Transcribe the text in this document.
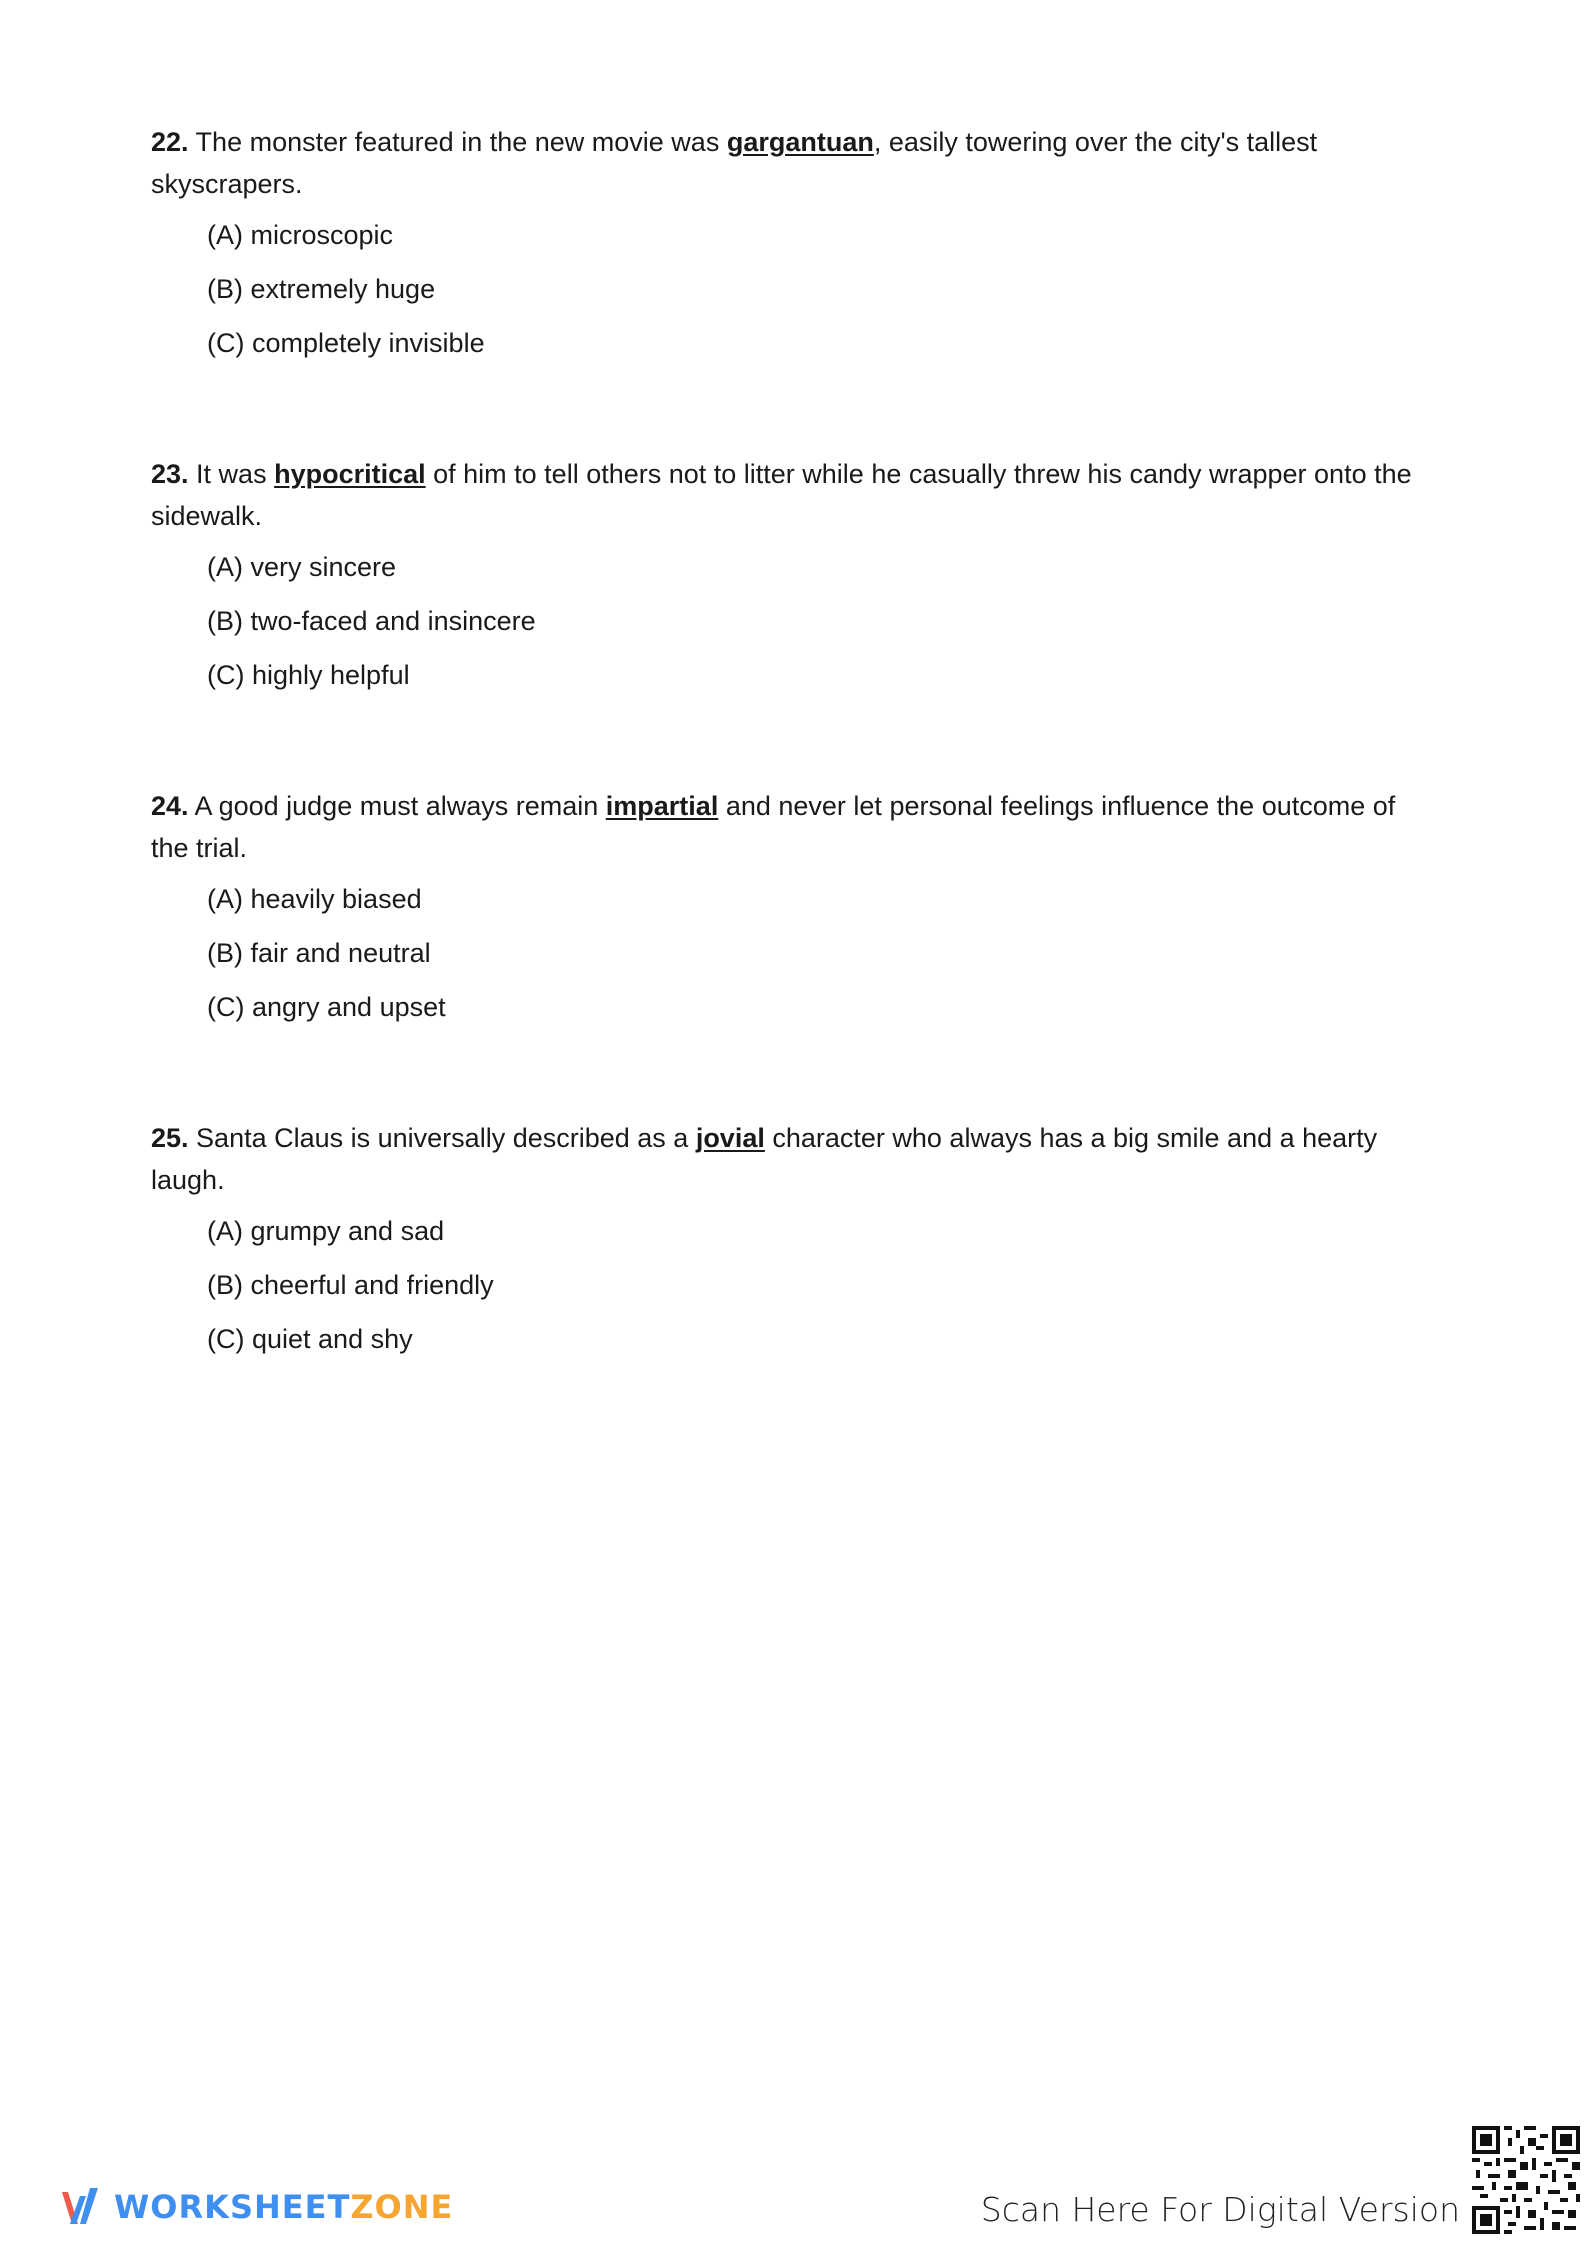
22. The monster featured in the new movie was gargantuan, easily towering over the city's tallest skyscrapers.

(A) microscopic
(B) extremely huge
(C) completely invisible

23. It was hypocritical of him to tell others not to litter while he casually threw his candy wrapper onto the sidewalk.

(A) very sincere
(B) two-faced and insincere
(C) highly helpful

24. A good judge must always remain impartial and never let personal feelings influence the outcome of the trial.

(A) heavily biased
(B) fair and neutral
(C) angry and upset

25. Santa Claus is universally described as a jovial character who always has a big smile and a hearty laugh.

(A) grumpy and sad
(B) cheerful and friendly
(C) quiet and shy
WORKSHEETZONE	Scan Here For Digital Version
